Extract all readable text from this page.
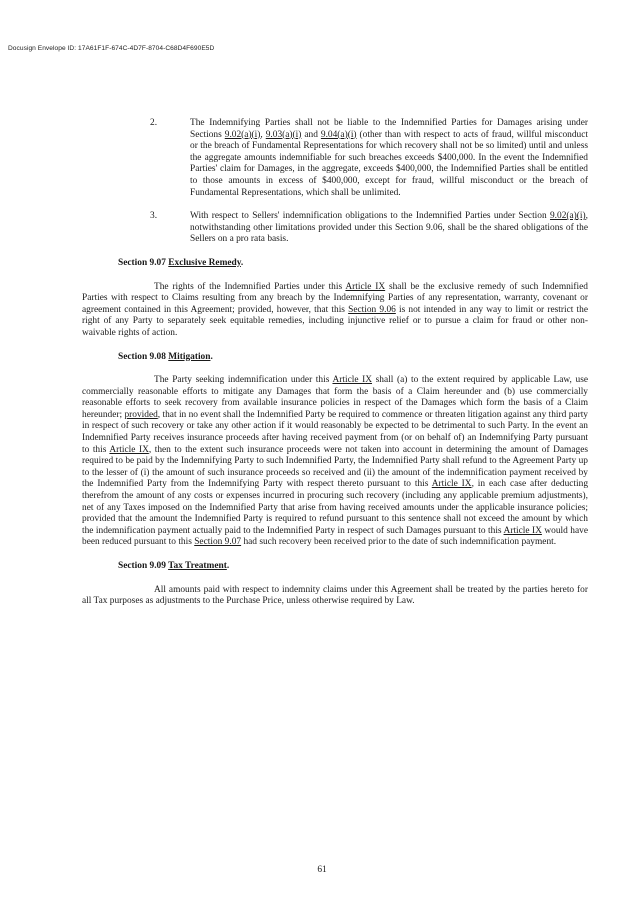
Docusign Envelope ID: 17A61F1F-674C-4D7F-8704-C68D4F690E5D
2.	The Indemnifying Parties shall not be liable to the Indemnified Parties for Damages arising under Sections 9.02(a)(i), 9.03(a)(i) and 9.04(a)(i) (other than with respect to acts of fraud, willful misconduct or the breach of Fundamental Representations for which recovery shall not be so limited) until and unless the aggregate amounts indemnifiable for such breaches exceeds $400,000. In the event the Indemnified Parties' claim for Damages, in the aggregate, exceeds $400,000, the Indemnified Parties shall be entitled to those amounts in excess of $400,000, except for fraud, willful misconduct or the breach of Fundamental Representations, which shall be unlimited.
3.	With respect to Sellers' indemnification obligations to the Indemnified Parties under Section 9.02(a)(i), notwithstanding other limitations provided under this Section 9.06, shall be the shared obligations of the Sellers on a pro rata basis.
Section 9.07 Exclusive Remedy.
The rights of the Indemnified Parties under this Article IX shall be the exclusive remedy of such Indemnified Parties with respect to Claims resulting from any breach by the Indemnifying Parties of any representation, warranty, covenant or agreement contained in this Agreement; provided, however, that this Section 9.06 is not intended in any way to limit or restrict the right of any Party to separately seek equitable remedies, including injunctive relief or to pursue a claim for fraud or other non-waivable rights of action.
Section 9.08 Mitigation.
The Party seeking indemnification under this Article IX shall (a) to the extent required by applicable Law, use commercially reasonable efforts to mitigate any Damages that form the basis of a Claim hereunder and (b) use commercially reasonable efforts to seek recovery from available insurance policies in respect of the Damages which form the basis of a Claim hereunder; provided, that in no event shall the Indemnified Party be required to commence or threaten litigation against any third party in respect of such recovery or take any other action if it would reasonably be expected to be detrimental to such Party. In the event an Indemnified Party receives insurance proceeds after having received payment from (or on behalf of) an Indemnifying Party pursuant to this Article IX, then to the extent such insurance proceeds were not taken into account in determining the amount of Damages required to be paid by the Indemnifying Party to such Indemnified Party, the Indemnified Party shall refund to the Agreement Party up to the lesser of (i) the amount of such insurance proceeds so received and (ii) the amount of the indemnification payment received by the Indemnified Party from the Indemnifying Party with respect thereto pursuant to this Article IX, in each case after deducting therefrom the amount of any costs or expenses incurred in procuring such recovery (including any applicable premium adjustments), net of any Taxes imposed on the Indemnified Party that arise from having received amounts under the applicable insurance policies; provided that the amount the Indemnified Party is required to refund pursuant to this sentence shall not exceed the amount by which the indemnification payment actually paid to the Indemnified Party in respect of such Damages pursuant to this Article IX would have been reduced pursuant to this Section 9.07 had such recovery been received prior to the date of such indemnification payment.
Section 9.09 Tax Treatment.
All amounts paid with respect to indemnity claims under this Agreement shall be treated by the parties hereto for all Tax purposes as adjustments to the Purchase Price, unless otherwise required by Law.
61
